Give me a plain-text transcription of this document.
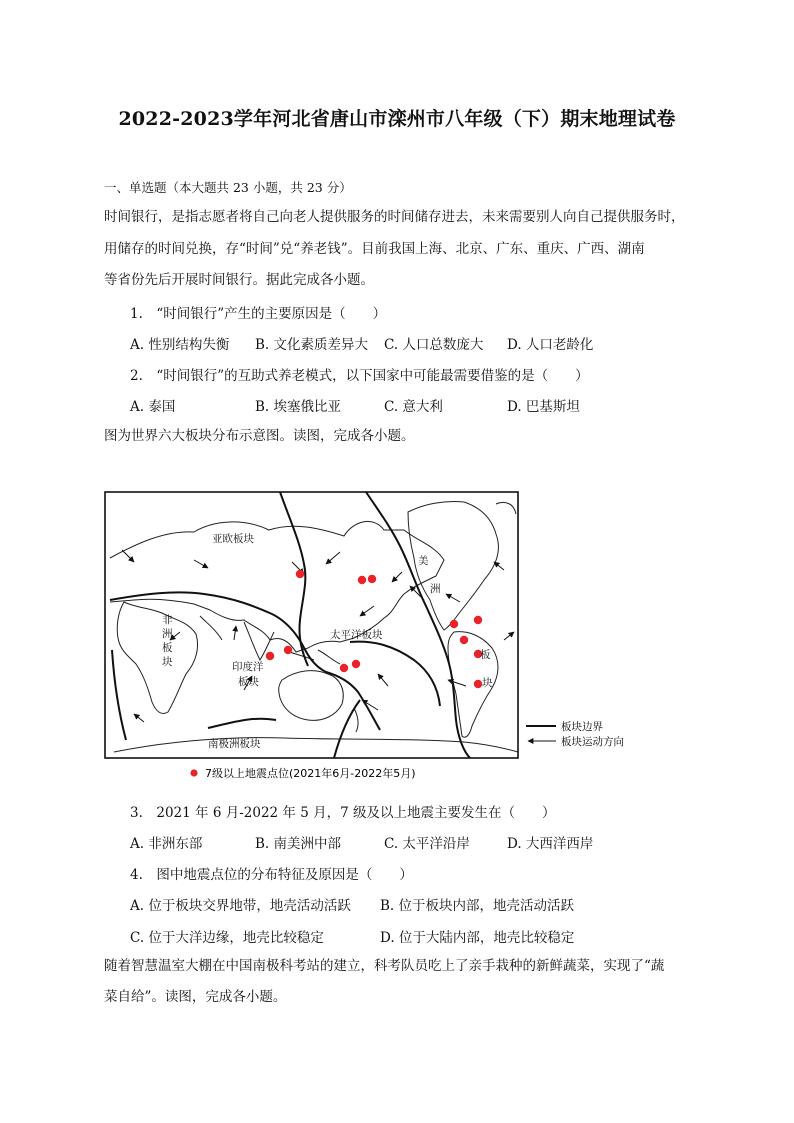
2022-2023学年河北省唐山市滦州市八年级（下）期末地理试卷
一、单选题（本大题共 23 小题，共 23 分）
时间银行，是指志愿者将自己向老人提供服务的时间储存进去，未来需要别人向自己提供服务时，
用储存的时间兑换，存“时间”兑“养老钱”。目前我国上海、北京、广东、重庆、广西、湖南
等省份先后开展时间银行。据此完成各小题。
1.　“时间银行”产生的主要原因是（　　）
A. 性别结构失衡 B. 文化素质差异大 C. 人口总数庞大 D. 人口老龄化
2.　“时间银行”的互助式养老模式，以下国家中可能最需要借鉴的是（　　）
A. 泰国	B. 埃塞俄比亚	C. 意大利	D. 巴基斯坦
图为世界六大板块分布示意图。读图，完成各小题。
亚欧板块
太平洋板块
非
洲
板
块	印度洋
板块
美
洲
板
块
南极洲板块
板块边界
板块运动方向
7级以上地震点位(2021年6月-2022年5月)
3.　2021 年 6 月-2022 年 5 月，7 级及以上地震主要发生在（　　）
A. 非洲东部	B. 南美洲中部	C. 太平洋沿岸	D. 大西洋西岸
4.　图中地震点位的分布特征及原因是（　　）
A. 位于板块交界地带，地壳活动活跃 B. 位于板块内部，地壳活动活跃
C. 位于大洋边缘，地壳比较稳定	D. 位于大陆内部，地壳比较稳定
随着智慧温室大棚在中国南极科考站的建立，科考队员吃上了亲手栽种的新鲜蔬菜，实现了“蔬
菜自给”。读图，完成各小题。
